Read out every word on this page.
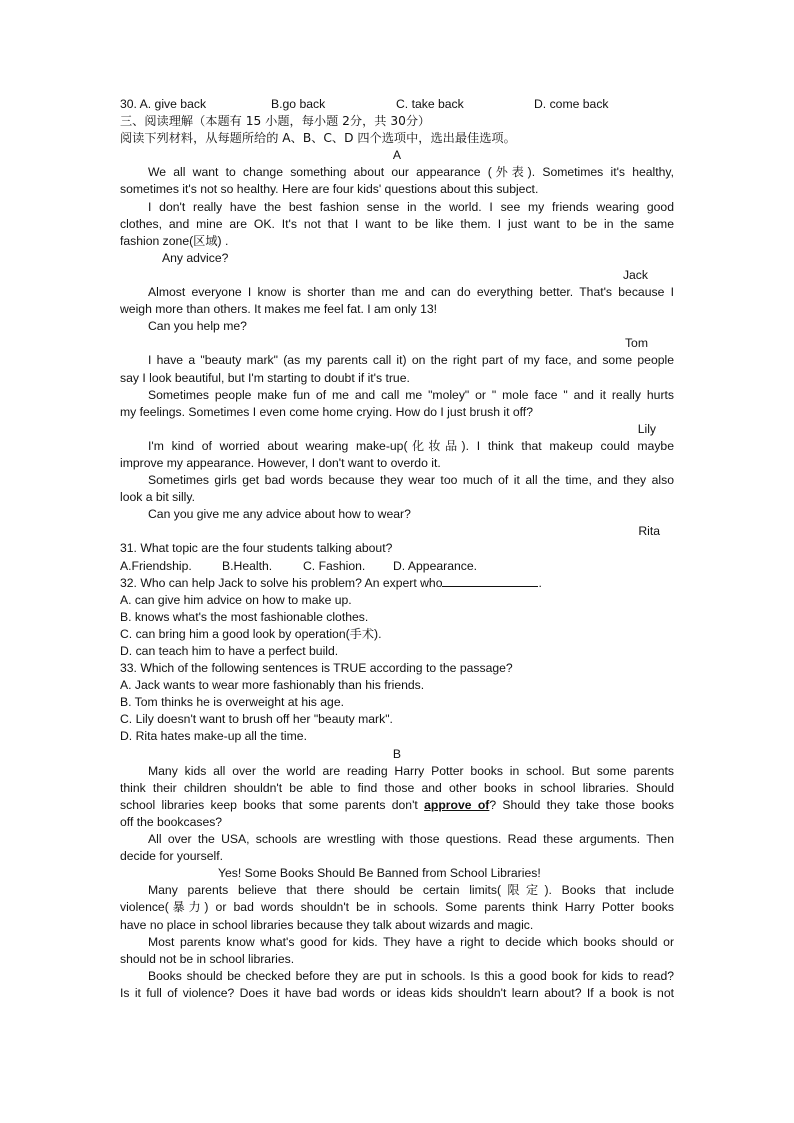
30. A. give back	B.go back	C. take back	D. come back
三、阅读理解（本题有 15 小题，每小题 2分，共 30分）
阅读下列材料，从每题所给的 A、B、C、D 四个选项中，选出最佳选项。
A
We all want to change something about our appearance (外表). Sometimes it's healthy,
sometimes it's not so healthy. Here are four kids' questions about this subject.
I don't really have the best fashion sense in the world. I see my friends wearing good
clothes, and mine are OK. It's not that I want to be like them. I just want to be in the same
fashion zone(区域) .
Any advice?
Jack
Almost everyone I know is shorter than me and can do everything better. That's because I
weigh more than others. It makes me feel fat. I am only 13!
Can you help me?
Tom
I have a "beauty mark" (as my parents call it) on the right part of my face, and some people
say I look beautiful, but I'm starting to doubt if it's true.
Sometimes people make fun of me and call me "moley" or " mole face " and it really hurts
my feelings. Sometimes I even come home crying. How do I just brush it off?
Lily
I'm kind of worried about wearing make-up(化妆品). I think that makeup could maybe
improve my appearance. However, I don't want to overdo it.
Sometimes girls get bad words because they wear too much of it all the time, and they also
look a bit silly.
Can you give me any advice about how to wear?
Rita
31. What topic are the four students talking about?
A.Friendship. B.Health.	C. Fashion. D. Appearance.
32. Who can help Jack to solve his problem? An expert who	.
A. can give him advice on how to make up.
B. knows what's the most fashionable clothes.
C. can bring him a good look by operation(手术).
D. can teach him to have a perfect build.
33. Which of the following sentences is TRUE according to the passage?
A. Jack wants to wear more fashionably than his friends.
B. Tom thinks he is overweight at his age.
C. Lily doesn't want to brush off her "beauty mark".
D. Rita hates make-up all the time.
B
Many kids all over the world are reading Harry Potter books in school. But some parents
think their children shouldn't be able to find those and other books in school libraries. Should
school libraries keep books that some parents don't approve of? Should they take those books
off the bookcases?
All over the USA, schools are wrestling with those questions. Read these arguments. Then
decide for yourself.
Yes! Some Books Should Be Banned from School Libraries!
Many parents believe that there should be certain limits(限定). Books that include
violence(暴力) or bad words shouldn't be in schools. Some parents think Harry Potter books
have no place in school libraries because they talk about wizards and magic.
Most parents know what's good for kids. They have a right to decide which books should or
should not be in school libraries.
Books should be checked before they are put in schools. Is this a good book for kids to read?
Is it full of violence? Does it have bad words or ideas kids shouldn't learn about? If a book is not
